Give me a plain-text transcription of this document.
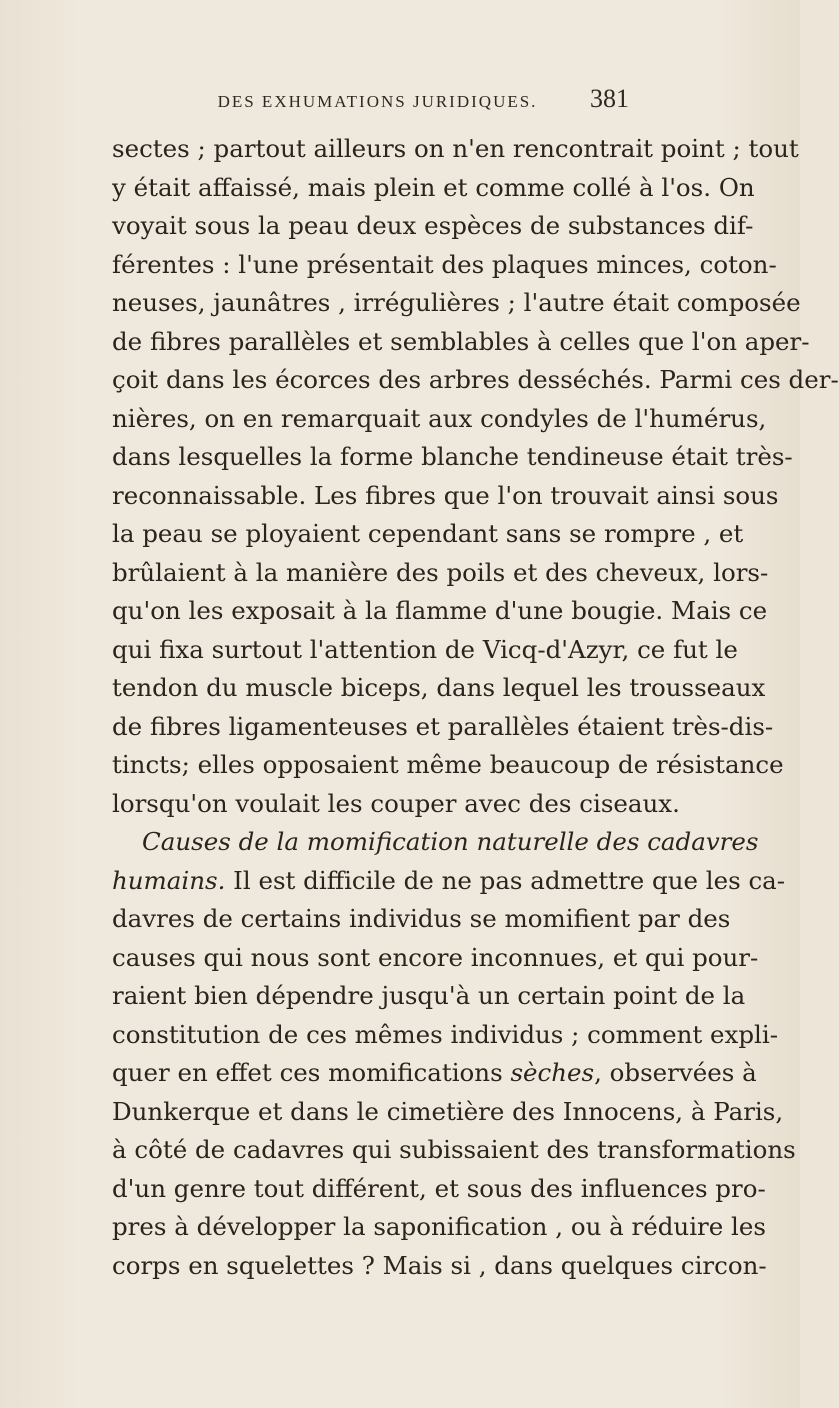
DES EXHUMATIONS JURIDIQUES.	381
sectes ; partout ailleurs on n'en rencontrait point ; tout
y était affaissé, mais plein et comme collé à l'os. On
voyait sous la peau deux espèces de substances dif-
férentes : l'une présentait des plaques minces, coton-
neuses, jaunâtres , irrégulières ; l'autre était composée
de fibres parallèles et semblables à celles que l'on aper-
çoit dans les écorces des arbres desséchés. Parmi ces der-
nières, on en remarquait aux condyles de l'humérus,
dans lesquelles la forme blanche tendineuse était très-
reconnaissable. Les fibres que l'on trouvait ainsi sous
la peau se ployaient cependant sans se rompre , et
brûlaient à la manière des poils et des cheveux, lors-
qu'on les exposait à la flamme d'une bougie. Mais ce
qui fixa surtout l'attention de Vicq-d'Azyr, ce fut le
tendon du muscle biceps, dans lequel les trousseaux
de fibres ligamenteuses et parallèles étaient très-dis-
tincts; elles opposaient même beaucoup de résistance
lorsqu'on voulait les couper avec des ciseaux.
Causes de la momification naturelle des cadavres
humains. Il est difficile de ne pas admettre que les ca-
davres de certains individus se momifient par des
causes qui nous sont encore inconnues, et qui pour-
raient bien dépendre jusqu'à un certain point de la
constitution de ces mêmes individus ; comment expli-
quer en effet ces momifications sèches, observées à
Dunkerque et dans le cimetière des Innocens, à Paris,
à côté de cadavres qui subissaient des transformations
d'un genre tout différent, et sous des influences pro-
pres à développer la saponification , ou à réduire les
corps en squelettes ? Mais si , dans quelques circon-
